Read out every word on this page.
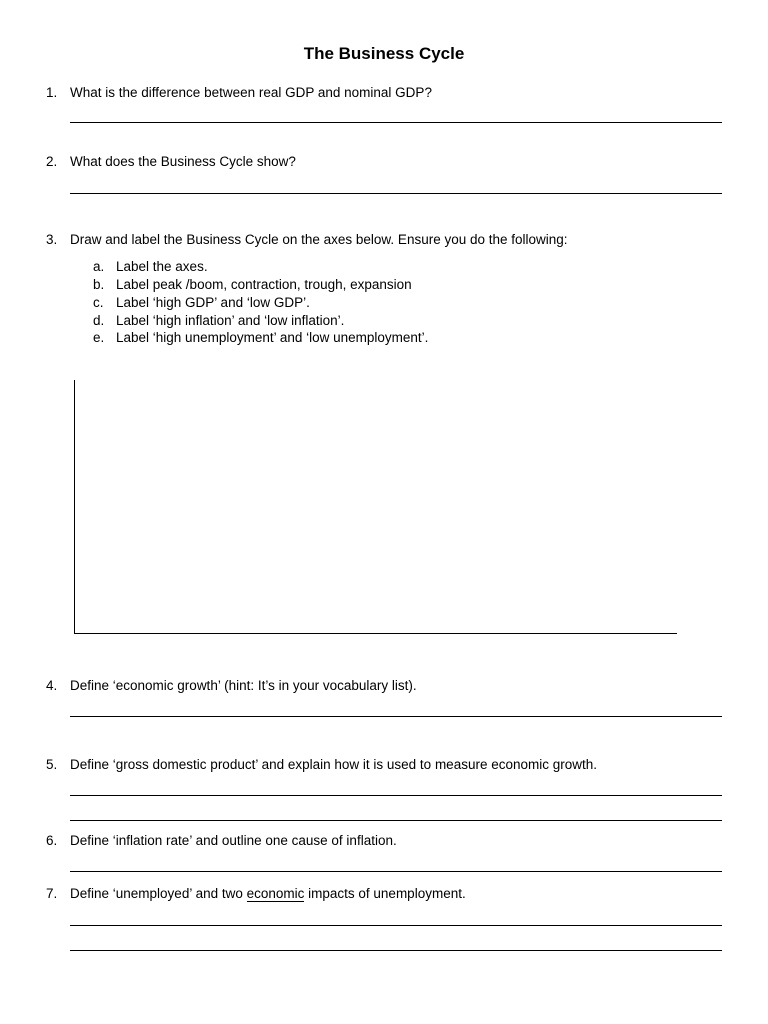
The Business Cycle
1. What is the difference between real GDP and nominal GDP?
2. What does the Business Cycle show?
3. Draw and label the Business Cycle on the axes below. Ensure you do the following:
a. Label the axes.
b. Label peak /boom, contraction, trough, expansion
c. Label ‘high GDP’ and ‘low GDP’.
d. Label ‘high inflation’ and ‘low inflation’.
e. Label ‘high unemployment’ and ‘low unemployment’.
4. Define ‘economic growth’ (hint: It’s in your vocabulary list).
5. Define ‘gross domestic product’ and explain how it is used to measure economic growth.
6. Define ‘inflation rate’ and outline one cause of inflation.
7. Define ‘unemployed’ and two economic impacts of unemployment.
